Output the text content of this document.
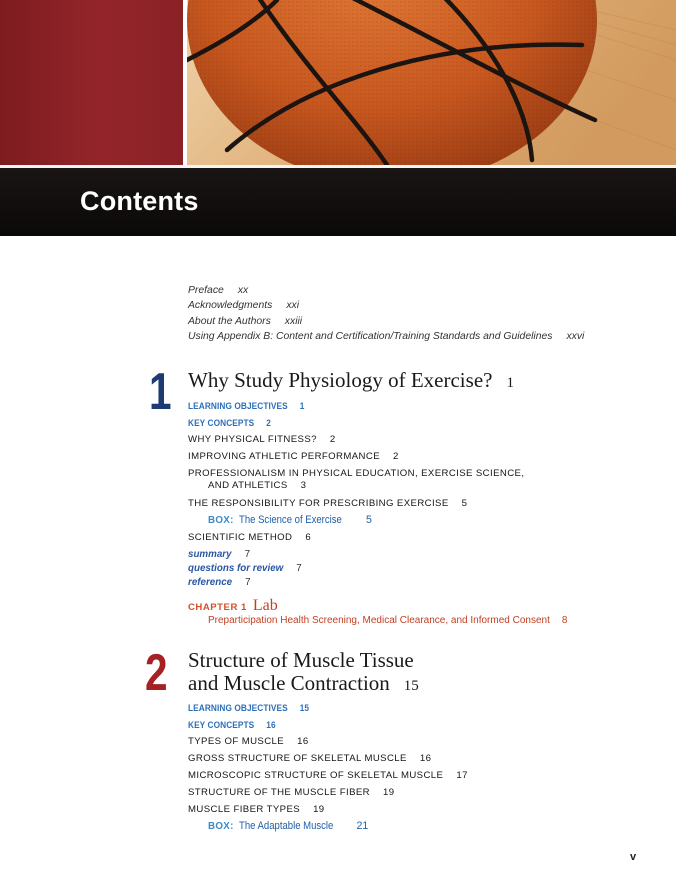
Contents
Preface xx
Acknowledgments xxi
About the Authors xxiii
Using Appendix B: Content and Certification/Training Standards and Guidelines xxvi
1 Why Study Physiology of Exercise? 1
LEARNING OBJECTIVES 1
KEY CONCEPTS 2
WHY PHYSICAL FITNESS? 2
IMPROVING ATHLETIC PERFORMANCE 2
PROFESSIONALISM IN PHYSICAL EDUCATION, EXERCISE SCIENCE,
AND ATHLETICS 3
THE RESPONSIBILITY FOR PRESCRIBING EXERCISE 5
BOX: The Science of Exercise 5
SCIENTIFIC METHOD 6
summary 7
questions for review 7
reference 7
CHAPTER 1 Lab
Preparticipation Health Screening, Medical Clearance, and Informed Consent 8
2 Structure of Muscle Tissue
and Muscle Contraction 15
LEARNING OBJECTIVES 15
KEY CONCEPTS 16
TYPES OF MUSCLE 16
GROSS STRUCTURE OF SKELETAL MUSCLE 16
MICROSCOPIC STRUCTURE OF SKELETAL MUSCLE 17
STRUCTURE OF THE MUSCLE FIBER 19
MUSCLE FIBER TYPES 19
BOX: The Adaptable Muscle 21
v
